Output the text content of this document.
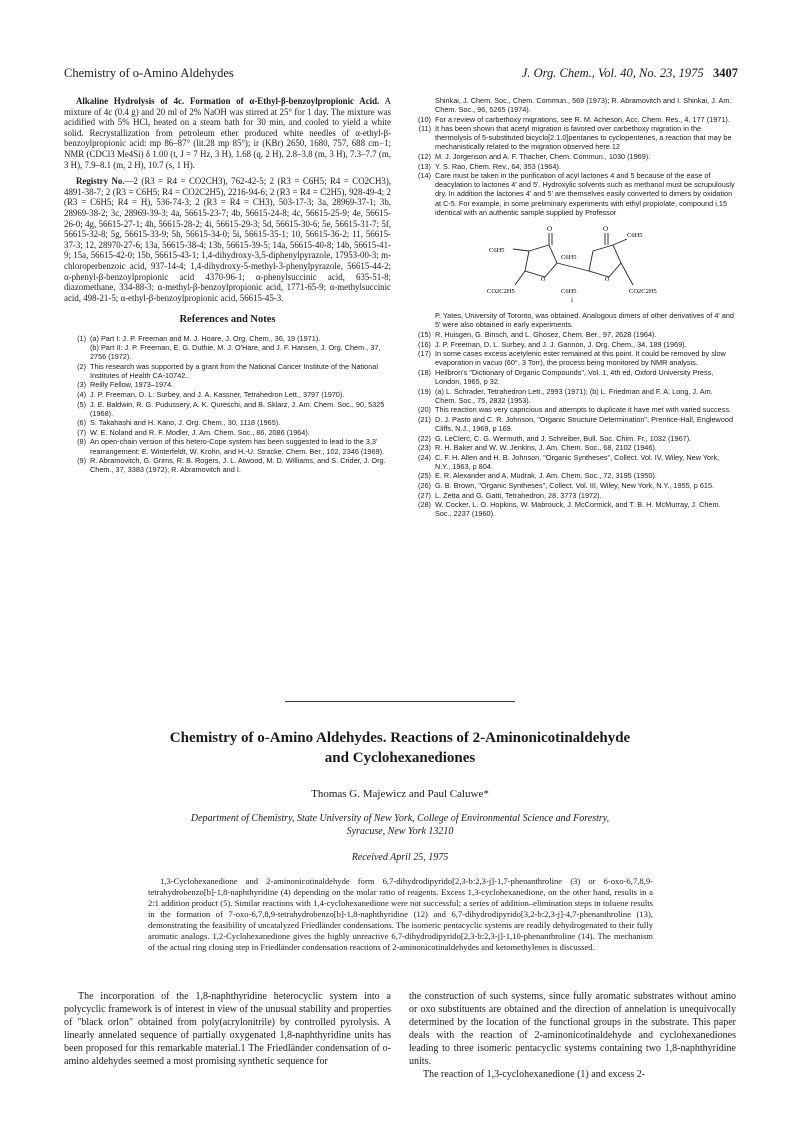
Chemistry of o-Amino Aldehydes	J. Org. Chem., Vol. 40, No. 23, 1975 3407

Alkaline Hydrolysis of 4c. Formation of α-Ethyl-β-benzoylpropionic Acid. A mixture of 4c (0.4 g) and 20 ml of 2% NaOH was stirred at 25° for 1 day. The mixture was acidified with 5% HCl, heated on a steam bath for 30 min, and cooled to yield a white solid. Recrystallization from petroleum ether produced white needles of α-ethyl-β-benzoylpropionic acid: mp 86–87° (lit.28 mp 85°); ir (KBr) 2650, 1680, 757, 688 cm−1; NMR (CDCl3 Me4Si) δ 1.00 (t, J = 7 Hz, 3 H), 1.68 (q, 2 H), 2.8–3.8 (m, 3 H), 7.3–7.7 (m, 3 H), 7.9–8.1 (m, 2 H), 10.7 (s, 1 H).

Registry No.—2 (R3 = R4 = CO2CH3), 762-42-5; 2 (R3 = C6H5; R4 = CO2CH3), 4891-38-7; 2 (R3 = C6H5; R4 = CO2C2H5), 2216-94-6; 2 (R3 = R4 = C2H5), 928-49-4; 2 (R3 = C6H5; R4 = H), 536-74-3; 2 (R3 = R4 = CH3), 503-17-3; 3a, 28969-37-1; 3b, 28969-38-2; 3c, 28969-39-3; 4a, 56615-23-7; 4b, 56615-24-8; 4c, 56615-25-9; 4e, 56615-26-0; 4g, 56615-27-1; 4h, 56615-28-2; 4i, 56615-29-3; 5d, 56615-30-6; 5e, 56615-31-7; 5f, 56615-32-8; 5g, 56615-33-9; 5h, 56615-34-0; 5i, 56615-35-1; 10, 56615-36-2; 11, 56615-37-3; 12, 28970-27-6; 13a, 56615-38-4; 13b, 56615-39-5; 14a, 56615-40-8; 14b, 56615-41-9; 15a, 56615-42-0; 15b, 56615-43-1; 1,4-dihydroxy-3,5-diphenylpyrazole, 17953-00-3; m-chloroperbenzoic acid, 937-14-4; 1,4-dihydroxy-5-methyl-3-phenylpyrazole, 56615-44-2; α-phenyl-β-benzoylpropionic acid 4370-96-1; α-phenylsuccinic acid, 635-51-8; diazomethane, 334-88-3; α-methyl-β-benzoylpropionic acid, 1771-65-9; α-methylsuccinic acid, 498-21-5; α-ethyl-β-benzoylpropionic acid, 56615-45-3.

References and Notes
(1) (a) Part I: J. P. Freeman and M. J. Hoare, J. Org. Chem., 36, 19 (1971).
(b) Part II: J. P. Freeman, E. G. Duthie, M. J. O'Hare, and J. F. Hansen, J. Org. Chem., 37, 2756 (1972).
(2) This research was supported by a grant from the National Cancer Institute of the National Institutes of Health CA-10742.
(3) Reilly Fellow, 1973–1974.
(4) J. P. Freeman, D. L. Surbey, and J. A. Kassner, Tetrahedron Lett., 3797 (1970).
(5) J. E. Baldwin, R. G. Pudussery, A. K. Qureschi, and B. Sklarz, J. Am. Chem. Soc., 90, 5325 (1968).
(6) S. Takahashi and H. Kano, J. Org. Chem., 30, 1118 (1965).
(7) W. E. Noland and R. F. Modler, J. Am. Chem. Soc., 86, 2086 (1964).
(8) An open-chain version of this hetero-Cope system has been suggested to lead to the 3,3' rearrangement: E. Winterfeldt, W. Krohn, and H.-U. Stracke, Chem. Ber., 102, 2346 (1969).
(9) R. Abramovitch, G. Grims, R. B. Rogers, J. L. Atwood, M. D. Williams, and S. Crider, J. Org. Chem., 37, 3383 (1972); R. Abramovitch and I.
Shinkai, J. Chem. Soc., Chem. Commun., 569 (1973); R. Abramovitch and I. Shinkai, J. Am. Chem. Soc., 96, 5265 (1974).
(10) For a review of carbethoxy migrations, see R. M. Acheson, Acc. Chem. Res., 4, 177 (1971).
(11) It has been shown that acetyl migration is favored over carbethoxy migration in the thermolysis of 5-substituted bicyclo[2.1.0]pentanes to cyclopentenes, a reaction that may be mechanistically related to the migration observed here.12
(12) M. J. Jorgenson and A. F. Thacher, Chem. Commun., 1030 (1969).
(13) Y. S. Rao, Chem. Rev., 64, 353 (1964).
(14) Care must be taken in the purification of acyl lactones 4 and 5 because of the ease of deacylation to lactones 4' and 5'. Hydroxylic solvents such as methanol must be scrupulously dry. In addition the lactones 4' and 5' are themselves easily converted to dimers by oxidation at C-5. For example, in some preliminary experiments with ethyl propiolate, compound i,15 identical with an authentic sample supplied by Professor
O	O
O	O
C6H5
C6H5
C6H5
C6H5
CO2C2H5	CO2C2H5
i
P. Yates, University of Toronto, was obtained. Analogous dimers of other derivatives of 4' and 5' were also obtained in early experiments.
(15) R. Huisgen, G. Binsch, and L. Ghosez, Chem. Ber., 97, 2628 (1964).
(16) J. P. Freeman, D. L. Surbey, and J. J. Gannon, J. Org. Chem., 34, 189 (1969).
(17) In some cases excess acetylenic ester remained at this point. It could be removed by slow evaporation in vacuo (60°, 3 Torr), the process being monitored by NMR analysis.
(18) Heilbron's "Dictionary of Organic Compounds", Vol. 1, 4th ed, Oxford University Press, London, 1965, p 32.
(19) (a) L. Schrader, Tetrahedron Lett., 2993 (1971); (b) L. Friedman and F. A. Long, J. Am. Chem. Soc., 75, 2832 (1953).
(20) This reaction was very capricious and attempts to duplicate it have met with varied success.
(21) D. J. Pasto and C. R. Johnson, "Organic Structure Determination", Prentice-Hall, Englewood Cliffs, N.J., 1969, p 169.
(22) G. LeClerc, C. G. Wermuth, and J. Schreiber, Bull. Soc. Chim. Fr., 1032 (1967).
(23) R. H. Baker and W. W. Jenkins, J. Am. Chem. Soc., 68, 2102 (1946).
(24) C. F. H. Allen and H. B. Johnson, "Organic Syntheses", Collect. Vol. IV, Wiley, New York, N.Y., 1963, p 804.
(25) E. R. Alexander and A. Mudrak, J. Am. Chem. Soc., 72, 3195 (1950).
(26) G. B. Brown, "Organic Syntheses", Collect. Vol. III, Wiley, New York, N.Y., 1955, p 615.
(27) L. Zetta and G. Gatti, Tetrahedron, 28, 3773 (1972).
(28) W. Cocker, L. O. Hopkins, W. Mabrouck, J. McCormick, and T. B. H. McMurray, J. Chem. Soc., 2237 (1960).
Chemistry of o-Amino Aldehydes. Reactions of 2-Aminonicotinaldehyde
and Cyclohexanediones
Thomas G. Majewicz and Paul Caluwe*
Department of Chemistry, State University of New York, College of Environmental Science and Forestry,
Syracuse, New York 13210
Received April 25, 1975
1,3-Cyclohexanedione and 2-aminonicotinaldehyde form 6,7-dihydrodipyrido[2,3-b:2,3-j]-1,7-phenanthroline (3) or 6-oxo-6,7,8,9-tetrahydrobenzo[b]-1,8-naphthyridine (4) depending on the molar ratio of reagents. Excess 1,3-cyclohexanedione, on the other hand, results in a 2:1 addition product (5). Similar reactions with 1,4-cyclohexanedione were not successful; a series of addition–elimination steps in toluene results in the formation of 7-oxo-6,7,8,9-tetrahydrobenzo[b]-1,8-naphthyridine (12) and 6,7-dihydrodipyrido[3,2-b:2,3-j]-4,7-phenanthroline (13), demonstrating the feasibility of uncatalyzed Friedländer condensations. The isomeric pentacyclic systems are readily dehydrogenated to their fully aromatic analogs. 1,2-Cyclohexanedione gives the highly unreactive 6,7-dihydrodipyrido[2,3-b:2,3-j]-1,10-phenanthroline (14). The mechanism of the actual ring closing step in Friedländer condensation reactions of 2-aminonicotinaldehydes and ketomethylenes is discussed.

The incorporation of the 1,8-naphthyridine heterocyclic system into a polycyclic framework is of interest in view of the unusual stability and properties of "black orlon" obtained from poly(acrylonitrile) by controlled pyrolysis. A linearly annelated sequence of partially oxygenated 1,8-naphthyridine units has been proposed for this remarkable material.1 The Friedländer condensation of o-amino aldehydes seemed a most promising synthetic sequence for

the construction of such systems, since fully aromatic substrates without amino or oxo substituents are obtained and the direction of annelation is unequivocally determined by the location of the functional groups in the substrate. This paper deals with the reaction of 2-aminonicotinaldehyde and cyclohexanediones leading to three isomeric pentacyclic systems containing two 1,8-naphthyridine units.

The reaction of 1,3-cyclohexanedione (1) and excess 2-
